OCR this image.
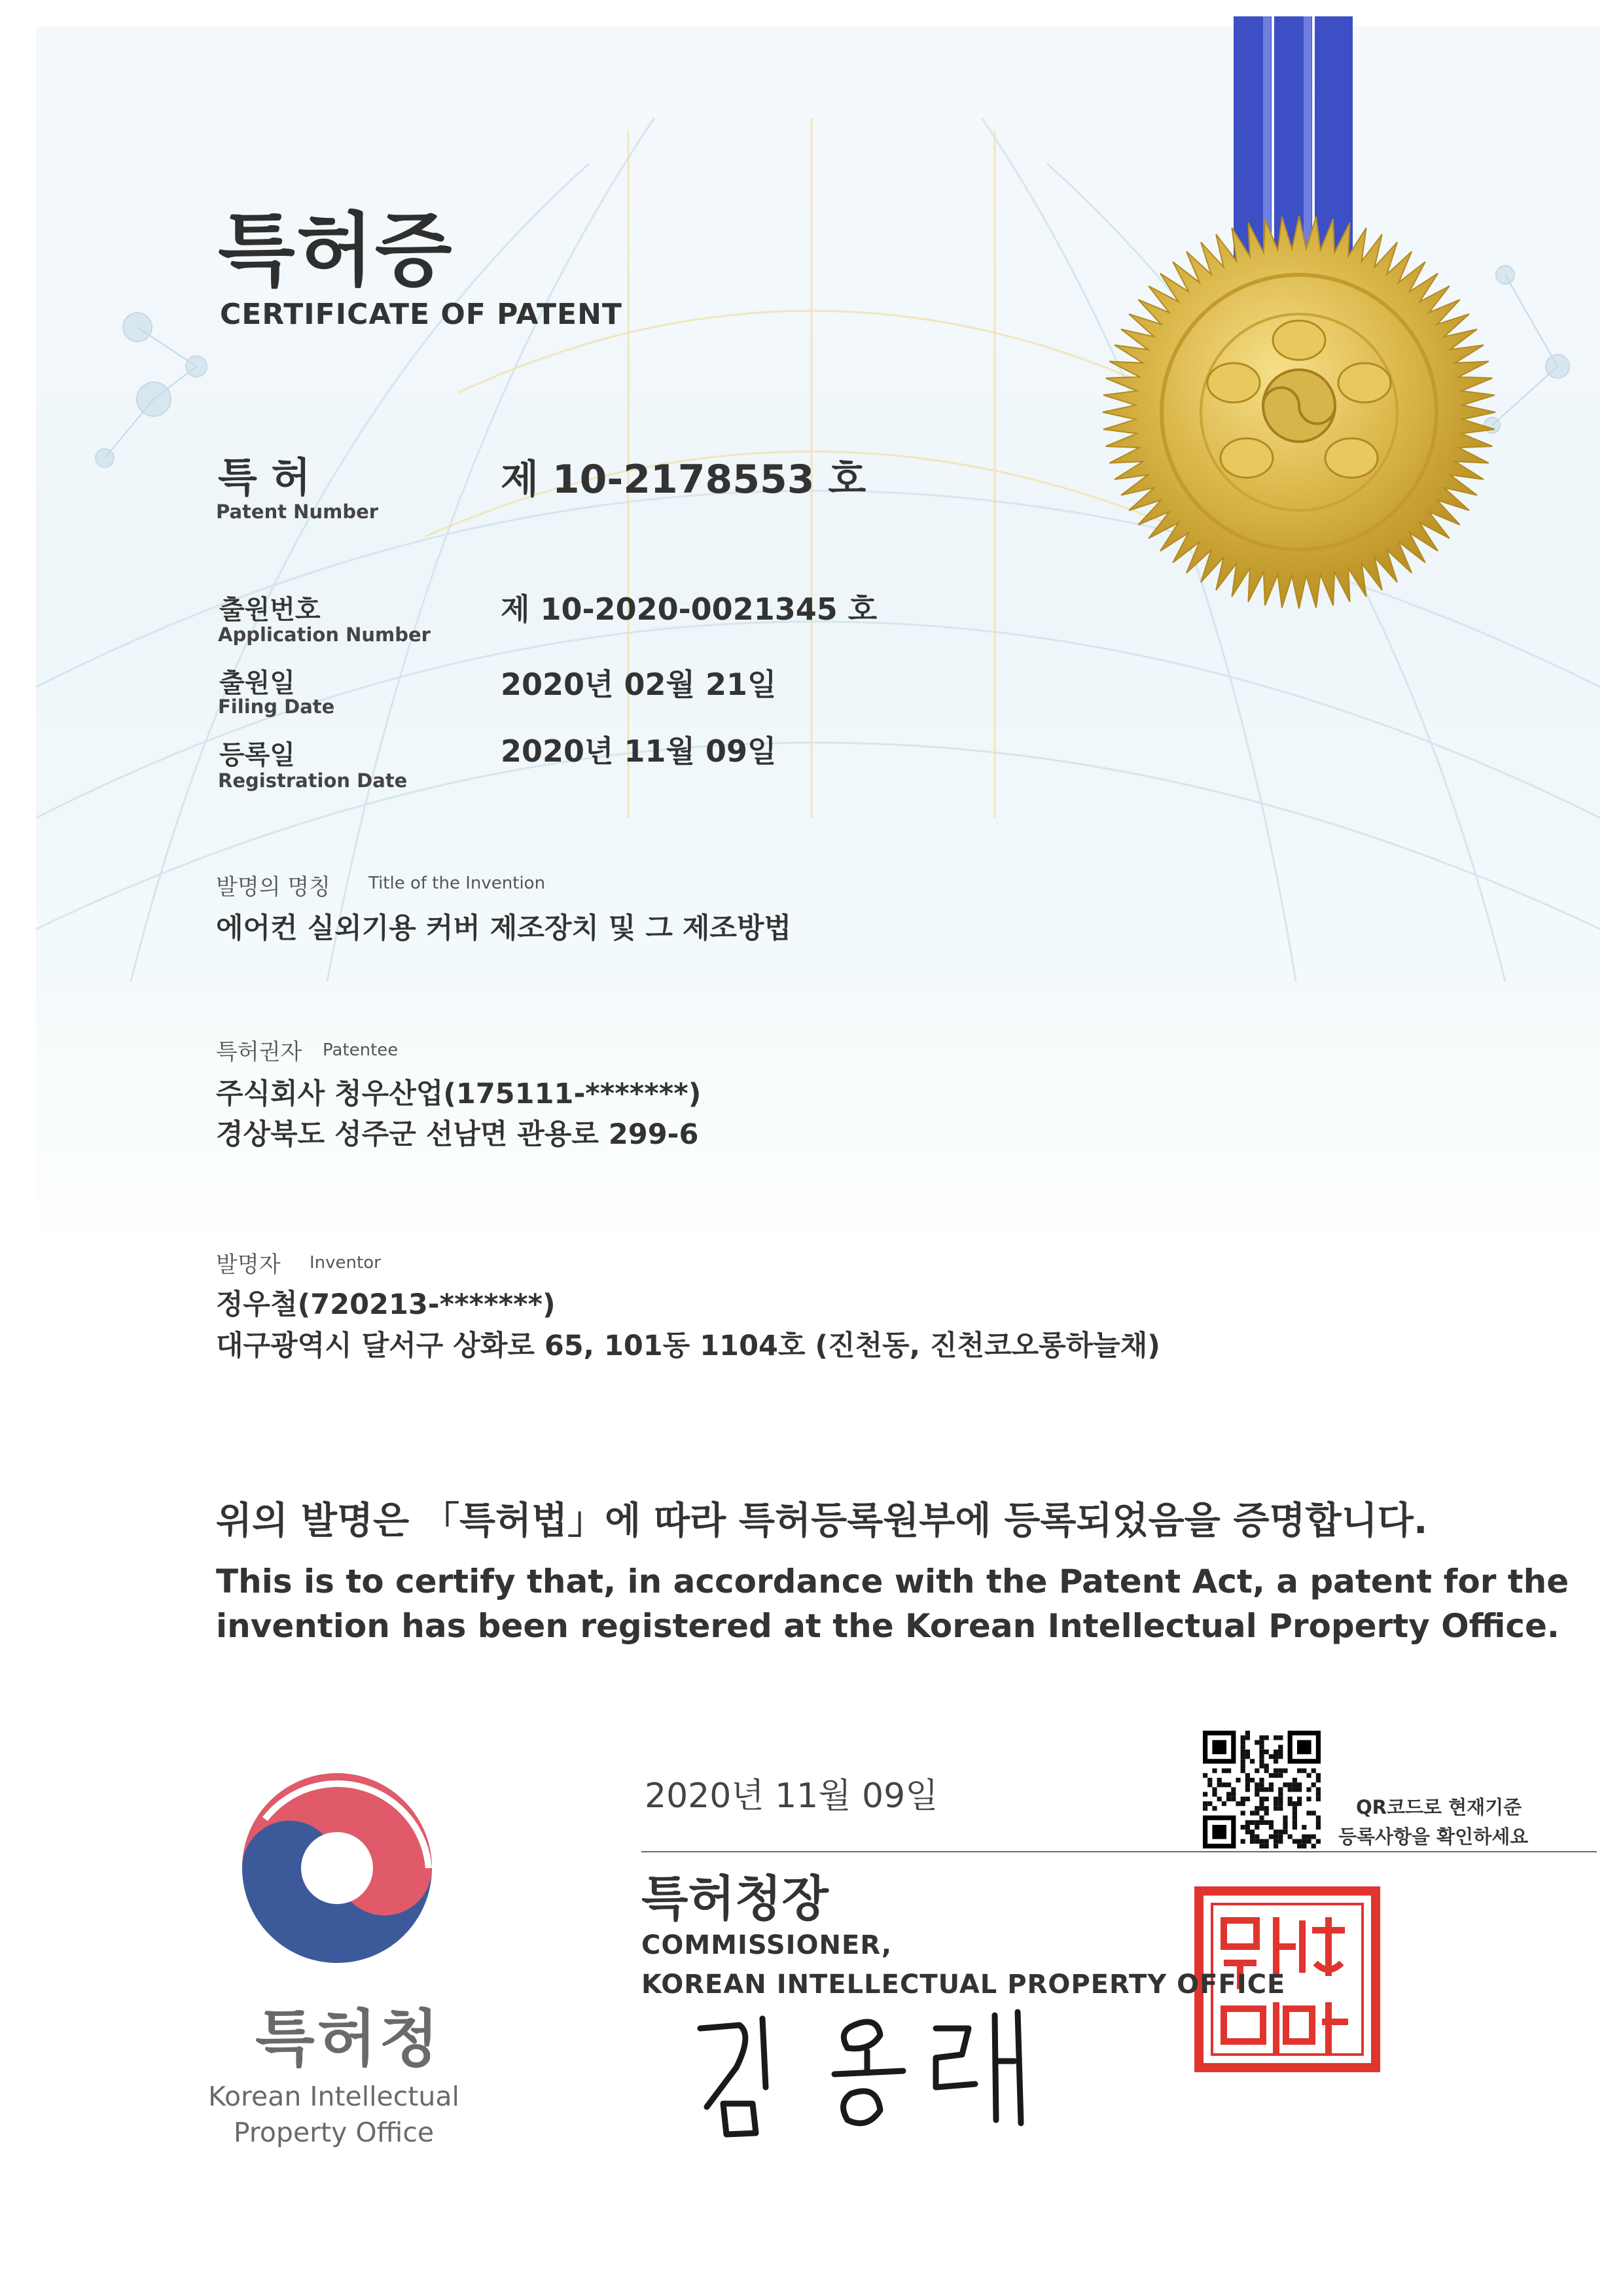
특허증
CERTIFICATE OF PATENT
특 허
Patent Number
제 10-2178553 호
출원번호
Application Number
제 10-2020-0021345 호
출원일
Filing Date
2020년 02월 21일
등록일
Registration Date
2020년 11월 09일
발명의 명칭 Title of the Invention
에어컨 실외기용 커버 제조장치 및 그 제조방법
특허권자 Patentee
주식회사 청우산업(175111-*******)
경상북도 성주군 선남면 관용로 299-6
발명자 Inventor
정우철(720213-*******)
대구광역시 달서구 상화로 65, 101동 1104호 (진천동, 진천코오롱하늘채)
위의 발명은 「특허법」에 따라 특허등록원부에 등록되었음을 증명합니다.
This is to certify that, in accordance with the Patent Act, a patent for the
invention has been registered at the Korean Intellectual Property Office.
2020년 11월 09일
특허청장
COMMISSIONER,
KOREAN INTELLECTUAL PROPERTY OFFICE
QR코드로 현재기준
등록사항을 확인하세요
특허청
Korean Intellectual
Property Office
